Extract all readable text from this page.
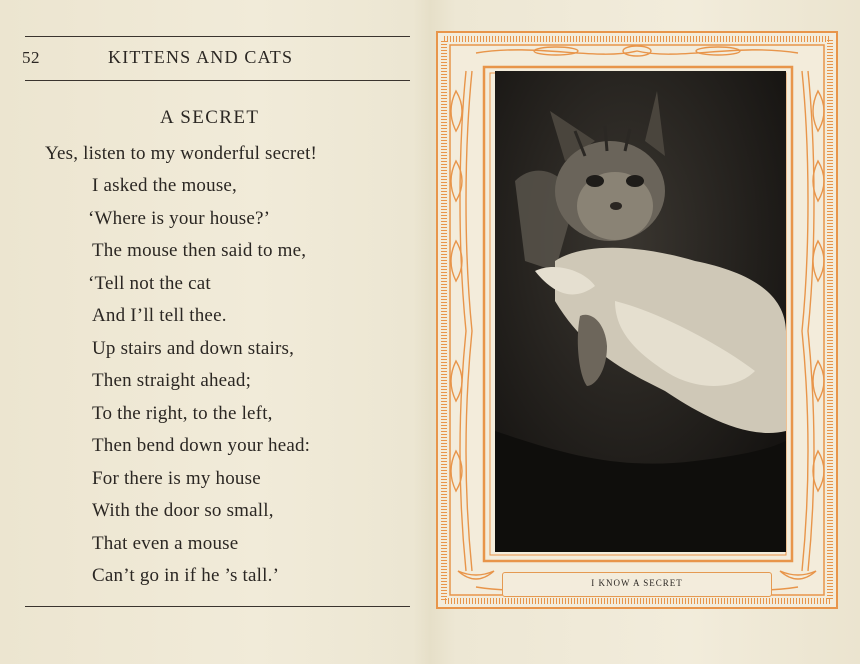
52	KITTENS AND CATS
A SECRET
Yes, listen to my wonderful secret!
I asked the mouse,
‘Where is your house?’
The mouse then said to me,
‘Tell not the cat
And I’ll tell thee.
Up stairs and down stairs,
Then straight ahead;
To the right, to the left,
Then bend down your head:
For there is my house
With the door so small,
That even a mouse
Can’t go in if he ’s tall.’	I KNOW A SECRET
